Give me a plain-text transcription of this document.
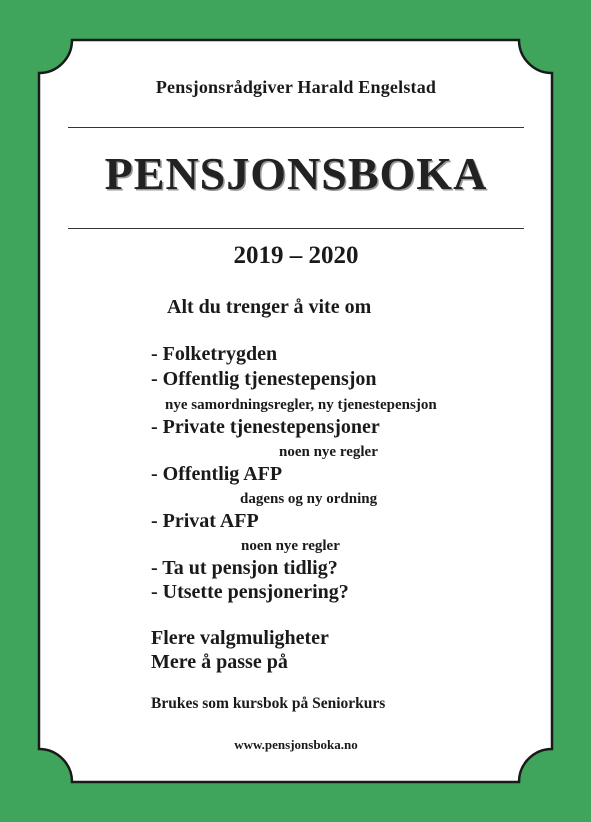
Pensjonsrådgiver Harald Engelstad
PENSJONSBOKA
2019 – 2020
Alt du trenger å vite om
- Folketrygden
- Offentlig tjenestepensjon
nye samordningsregler, ny tjenestepensjon
- Private tjenestepensjoner
noen nye regler
- Offentlig AFP
dagens og ny ordning
- Privat AFP
noen nye regler
- Ta ut pensjon tidlig?
- Utsette pensjonering?
Flere valgmuligheter
Mere å passe på
Brukes som kursbok på Seniorkurs
www.pensjonsboka.no
